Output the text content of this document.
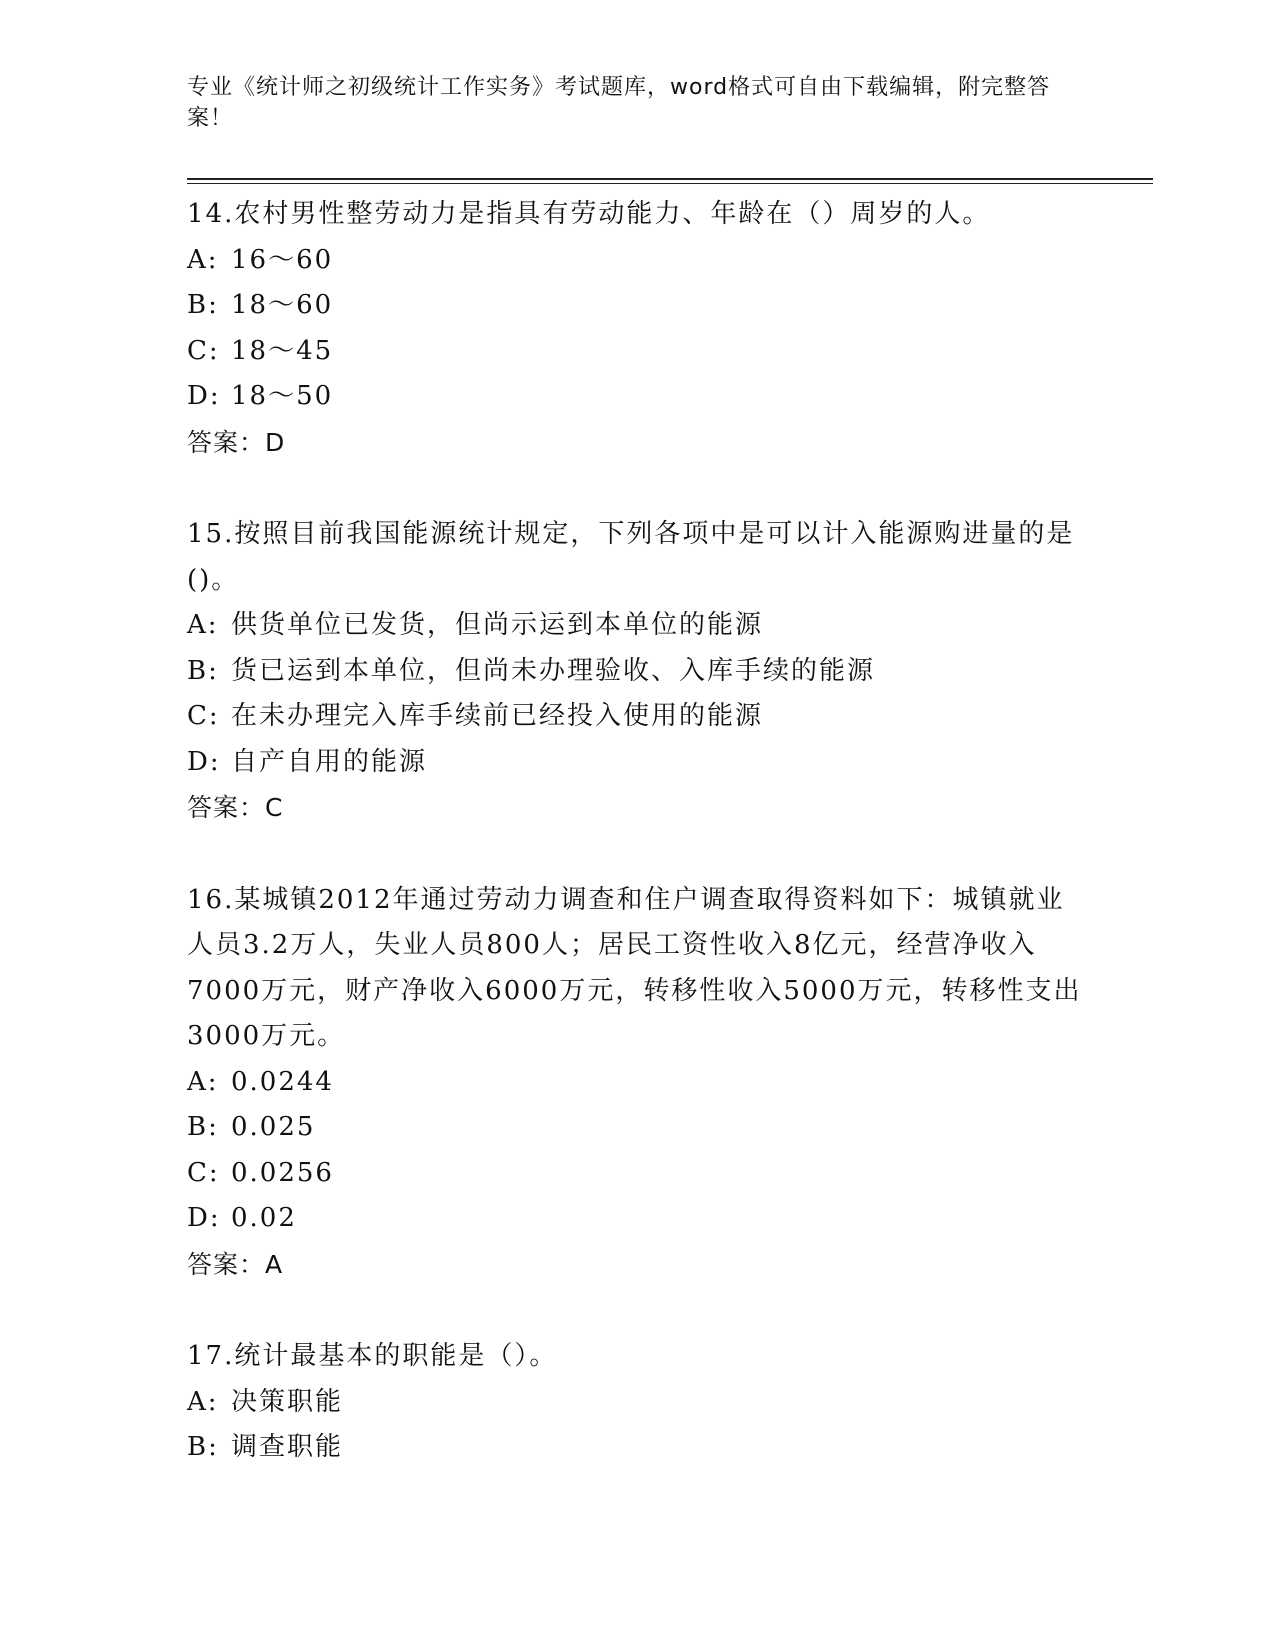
专业《统计师之初级统计工作实务》考试题库，word格式可自由下载编辑，附完整答案！

14.农村男性整劳动力是指具有劳动能力、年龄在（）周岁的人。

A: 16～60

B: 18～60

C: 18～45

D: 18～50

答案：D

15.按照目前我国能源统计规定，下列各项中是可以计入能源购进量的是()。

A: 供货单位已发货，但尚示运到本单位的能源

B: 货已运到本单位，但尚未办理验收、入库手续的能源

C: 在未办理完入库手续前已经投入使用的能源

D: 自产自用的能源

答案：C

16.某城镇2012年通过劳动力调查和住户调查取得资料如下：城镇就业人员3.2万人，失业人员800人；居民工资性收入8亿元，经营净收入7000万元，财产净收入6000万元，转移性收入5000万元，转移性支出3000万元。

A: 0.0244

B: 0.025

C: 0.0256

D: 0.02

答案：A

17.统计最基本的职能是（）。

A: 决策职能

B: 调查职能
